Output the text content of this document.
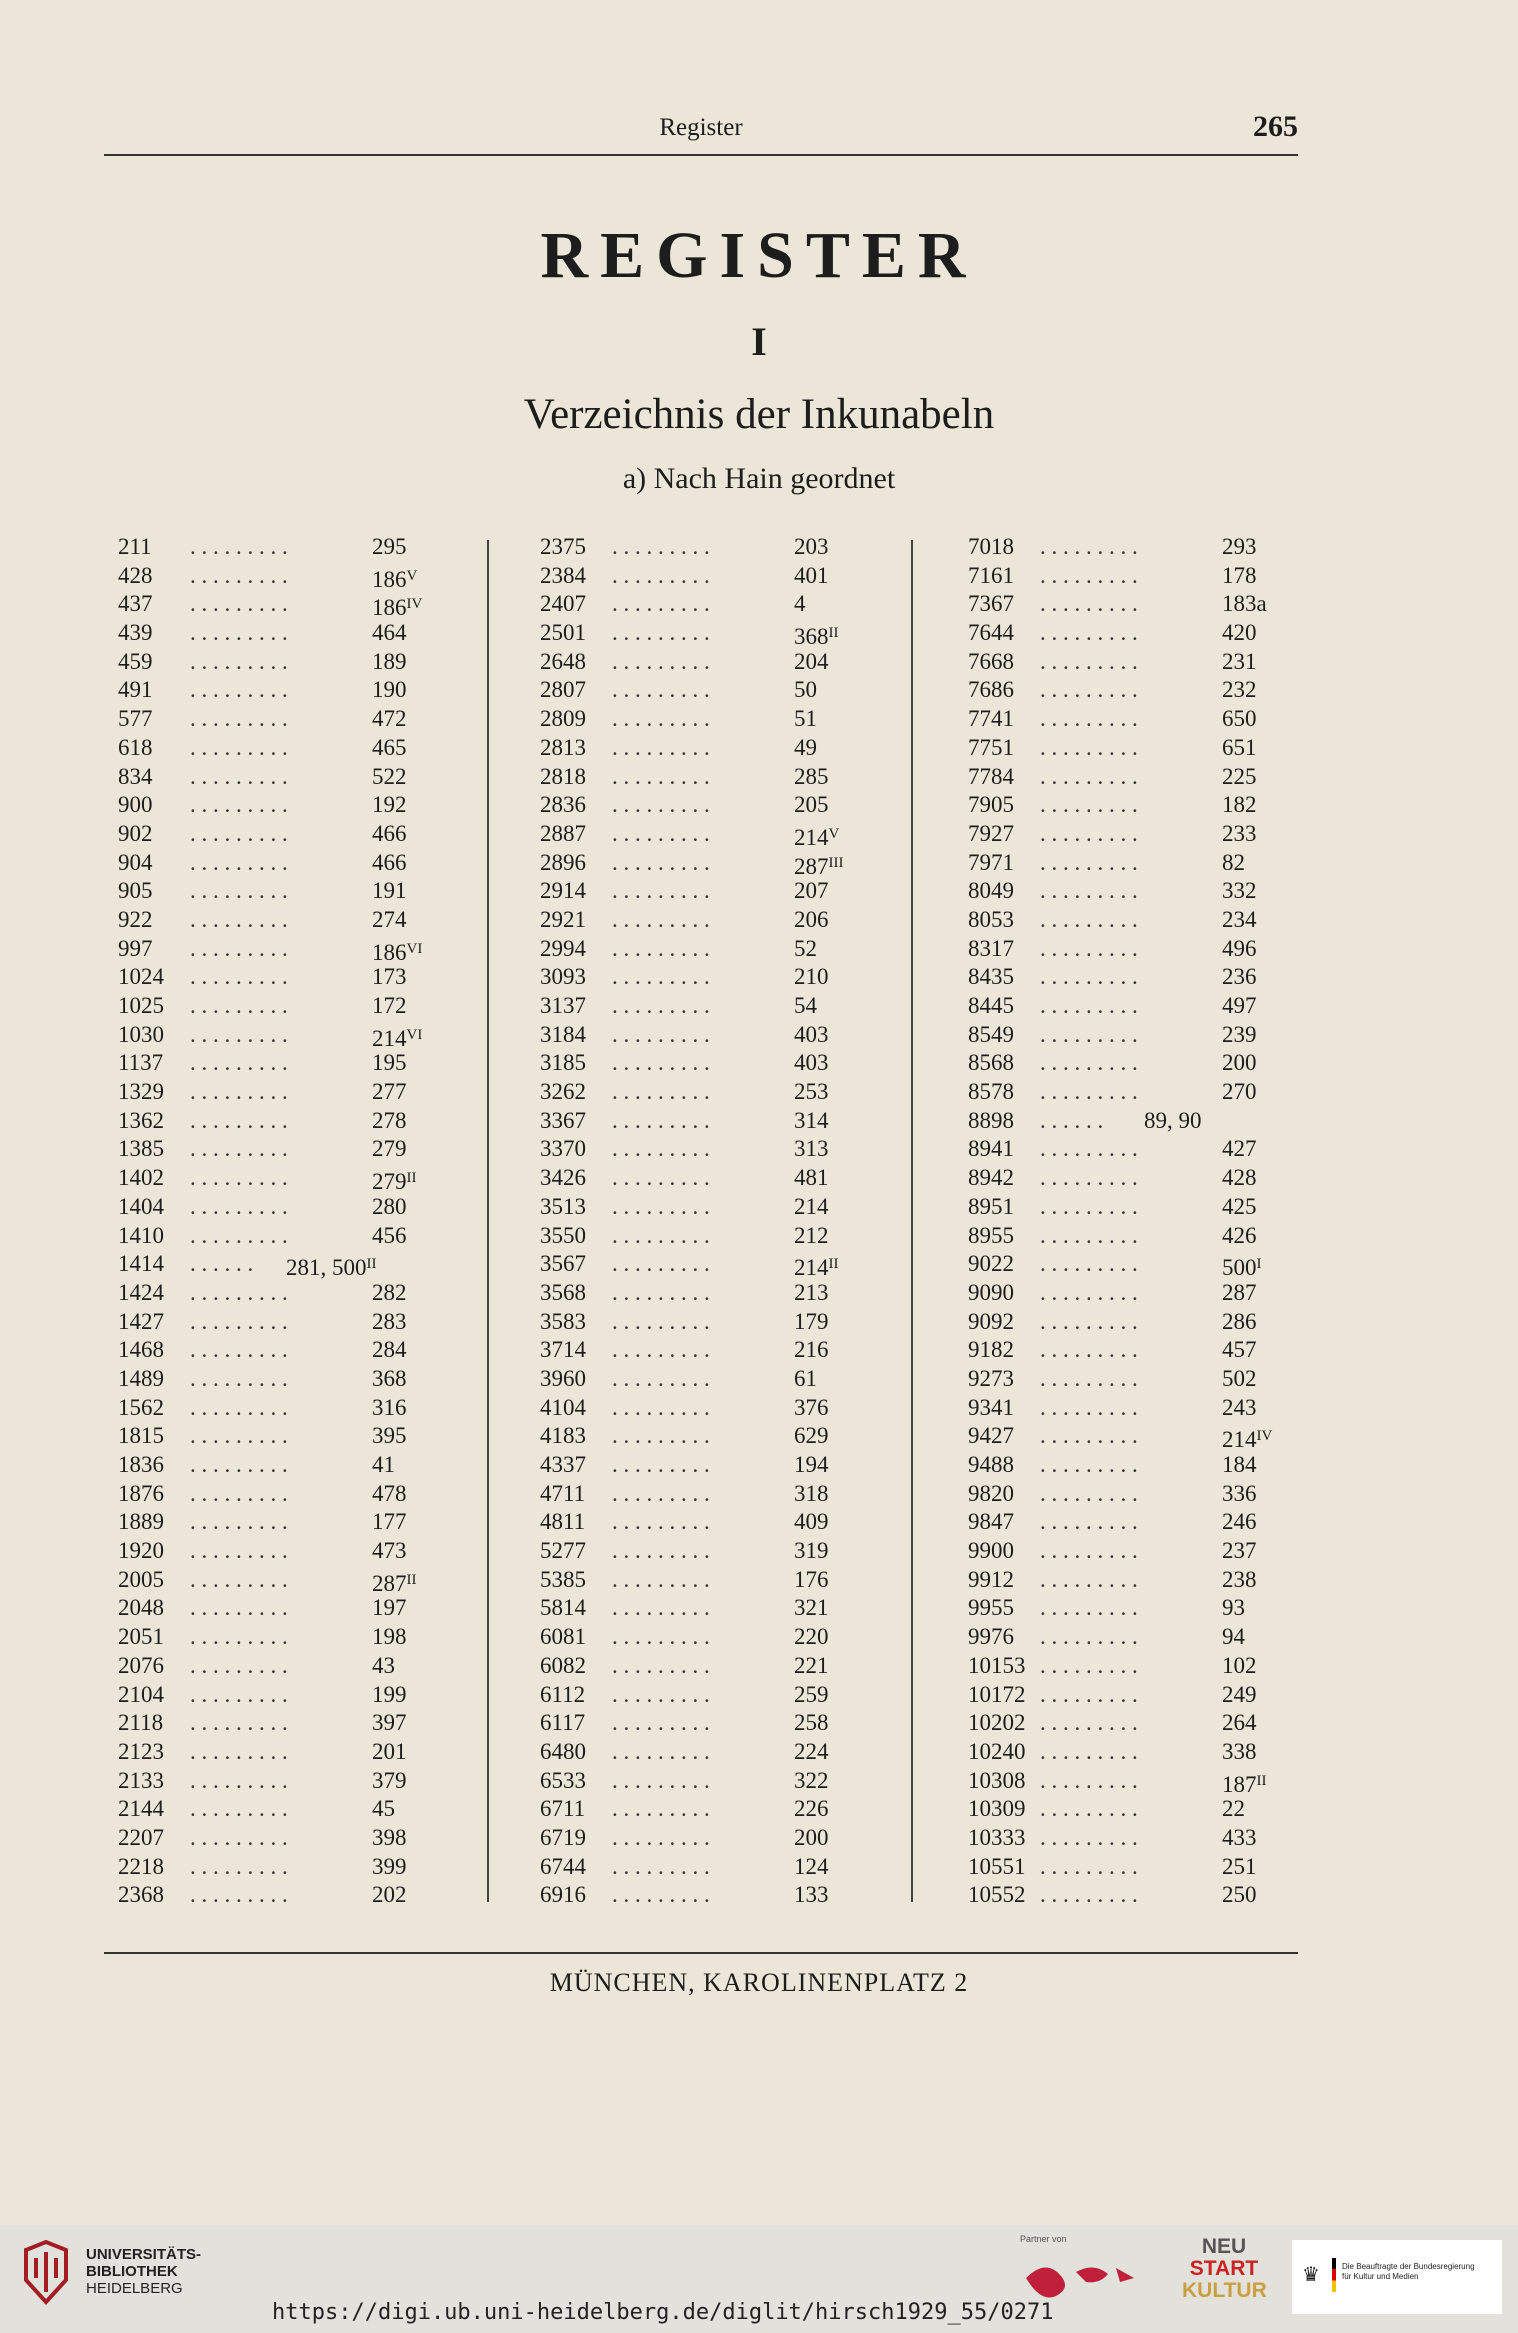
Register	265
REGISTER
I
Verzeichnis der Inkunabeln
a) Nach Hain geordnet
211 . . . . . . . . .	295
428 . . . . . . . . .	$186^V$
437 . . . . . . . . .	$186^{IV}$
439 . . . . . . . . .	464
459 . . . . . . . . .	189
491 . . . . . . . . .	190
577 . . . . . . . . .	472
618 . . . . . . . . .	465
834 . . . . . . . . .	522
900 . . . . . . . . .	192
902 . . . . . . . . .	466
904 . . . . . . . . .	466
905 . . . . . . . . .	191
922 . . . . . . . . .	274
997 . . . . . . . . .	$186^{VI}$
1024 . . . . . . . . .	173
1025 . . . . . . . . .	172
1030 . . . . . . . . .	$214^{VI}$
1137 . . . . . . . . .	195
1329 . . . . . . . . .	277
1362 . . . . . . . . .	278
1385 . . . . . . . . .	279
1402 . . . . . . . . .	$279^{II}$
1404 . . . . . . . . .	280
1410 . . . . . . . . .	456
1414 . . . . . . 281, $500^{II}$
1424 . . . . . . . . .	282
1427 . . . . . . . . .	283
1468 . . . . . . . . .	284
1489 . . . . . . . . .	368
1562 . . . . . . . . .	316
1815 . . . . . . . . .	395
1836 . . . . . . . . .	41
1876 . . . . . . . . .	478
1889 . . . . . . . . .	177
1920 . . . . . . . . .	473
2005 . . . . . . . . .	$287^{II}$
2048 . . . . . . . . .	197
2051 . . . . . . . . .	198
2076 . . . . . . . . .	43
2104 . . . . . . . . .	199
2118 . . . . . . . . .	397
2123 . . . . . . . . .	201
2133 . . . . . . . . .	379
2144 . . . . . . . . .	45
2207 . . . . . . . . .	398
2218 . . . . . . . . .	399
2368 . . . . . . . . .	202
2375 . . . . . . . . .	203
2384 . . . . . . . . .	401
2407 . . . . . . . . .	4
2501 . . . . . . . . .	$368^{II}$
2648 . . . . . . . . .	204
2807 . . . . . . . . .	50
2809 . . . . . . . . .	51
2813 . . . . . . . . .	49
2818 . . . . . . . . .	285
2836 . . . . . . . . .	205
2887 . . . . . . . . .	$214^V$
2896 . . . . . . . . .	$287^{III}$
2914 . . . . . . . . .	207
2921 . . . . . . . . .	206
2994 . . . . . . . . .	52
3093 . . . . . . . . .	210
3137 . . . . . . . . .	54
3184 . . . . . . . . .	403
3185 . . . . . . . . .	403
3262 . . . . . . . . .	253
3367 . . . . . . . . .	314
3370 . . . . . . . . .	313
3426 . . . . . . . . .	481
3513 . . . . . . . . .	214
3550 . . . . . . . . .	212
3567 . . . . . . . . .	$214^{II}$
3568 . . . . . . . . .	213
3583 . . . . . . . . .	179
3714 . . . . . . . . .	216
3960 . . . . . . . . .	61
4104 . . . . . . . . .	376
4183 . . . . . . . . .	629
4337 . . . . . . . . .	194
4711 . . . . . . . . .	318
4811 . . . . . . . . .	409
5277 . . . . . . . . .	319
5385 . . . . . . . . .	176
5814 . . . . . . . . .	321
6081 . . . . . . . . .	220
6082 . . . . . . . . .	221
6112 . . . . . . . . .	259
6117 . . . . . . . . .	258
6480 . . . . . . . . .	224
6533 . . . . . . . . .	322
6711 . . . . . . . . .	226
6719 . . . . . . . . .	200
6744 . . . . . . . . .	124
6916 . . . . . . . . .	133
7018 . . . . . . . . .	293
7161 . . . . . . . . .	178
7367 . . . . . . . . .	183a
7644 . . . . . . . . .	420
7668 . . . . . . . . .	231
7686 . . . . . . . . .	232
7741 . . . . . . . . .	650
7751 . . . . . . . . .	651
7784 . . . . . . . . .	225
7905 . . . . . . . . .	182
7927 . . . . . . . . .	233
7971 . . . . . . . . .	82
8049 . . . . . . . . .	332
8053 . . . . . . . . .	234
8317 . . . . . . . . .	496
8435 . . . . . . . . .	236
8445 . . . . . . . . .	497
8549 . . . . . . . . .	239
8568 . . . . . . . . .	200
8578 . . . . . . . . .	270
8898 . . . . . . 89, 90
8941 . . . . . . . . .	427
8942 . . . . . . . . .	428
8951 . . . . . . . . .	425
8955 . . . . . . . . .	426
9022 . . . . . . . . .	$500^I$
9090 . . . . . . . . .	287
9092 . . . . . . . . .	286
9182 . . . . . . . . .	457
9273 . . . . . . . . .	502
9341 . . . . . . . . .	243
9427 . . . . . . . . .	$214^{IV}$
9488 . . . . . . . . .	184
9820 . . . . . . . . .	336
9847 . . . . . . . . .	246
9900 . . . . . . . . .	237
9912 . . . . . . . . .	238
9955 . . . . . . . . .	93
9976 . . . . . . . . .	94
10153 . . . . . . . . .	102
10172 . . . . . . . . .	249
10202 . . . . . . . . .	264
10240 . . . . . . . . .	338
10308 . . . . . . . . .	$187^{II}$
10309 . . . . . . . . .	22
10333 . . . . . . . . .	433
10551 . . . . . . . . .	251
10552 . . . . . . . . .	250
MÜNCHEN, KAROLINENPLATZ 2
UNIVERSITÄTS-
BIBLIOTHEK
HEIDELBERG
https://digi.ub.uni-heidelberg.de/diglit/hirsch1929_55/0271
Partner von	NEU
START
KULTUR
♛	Die Beauftragte der Bundesregierung
für Kultur und Medien
